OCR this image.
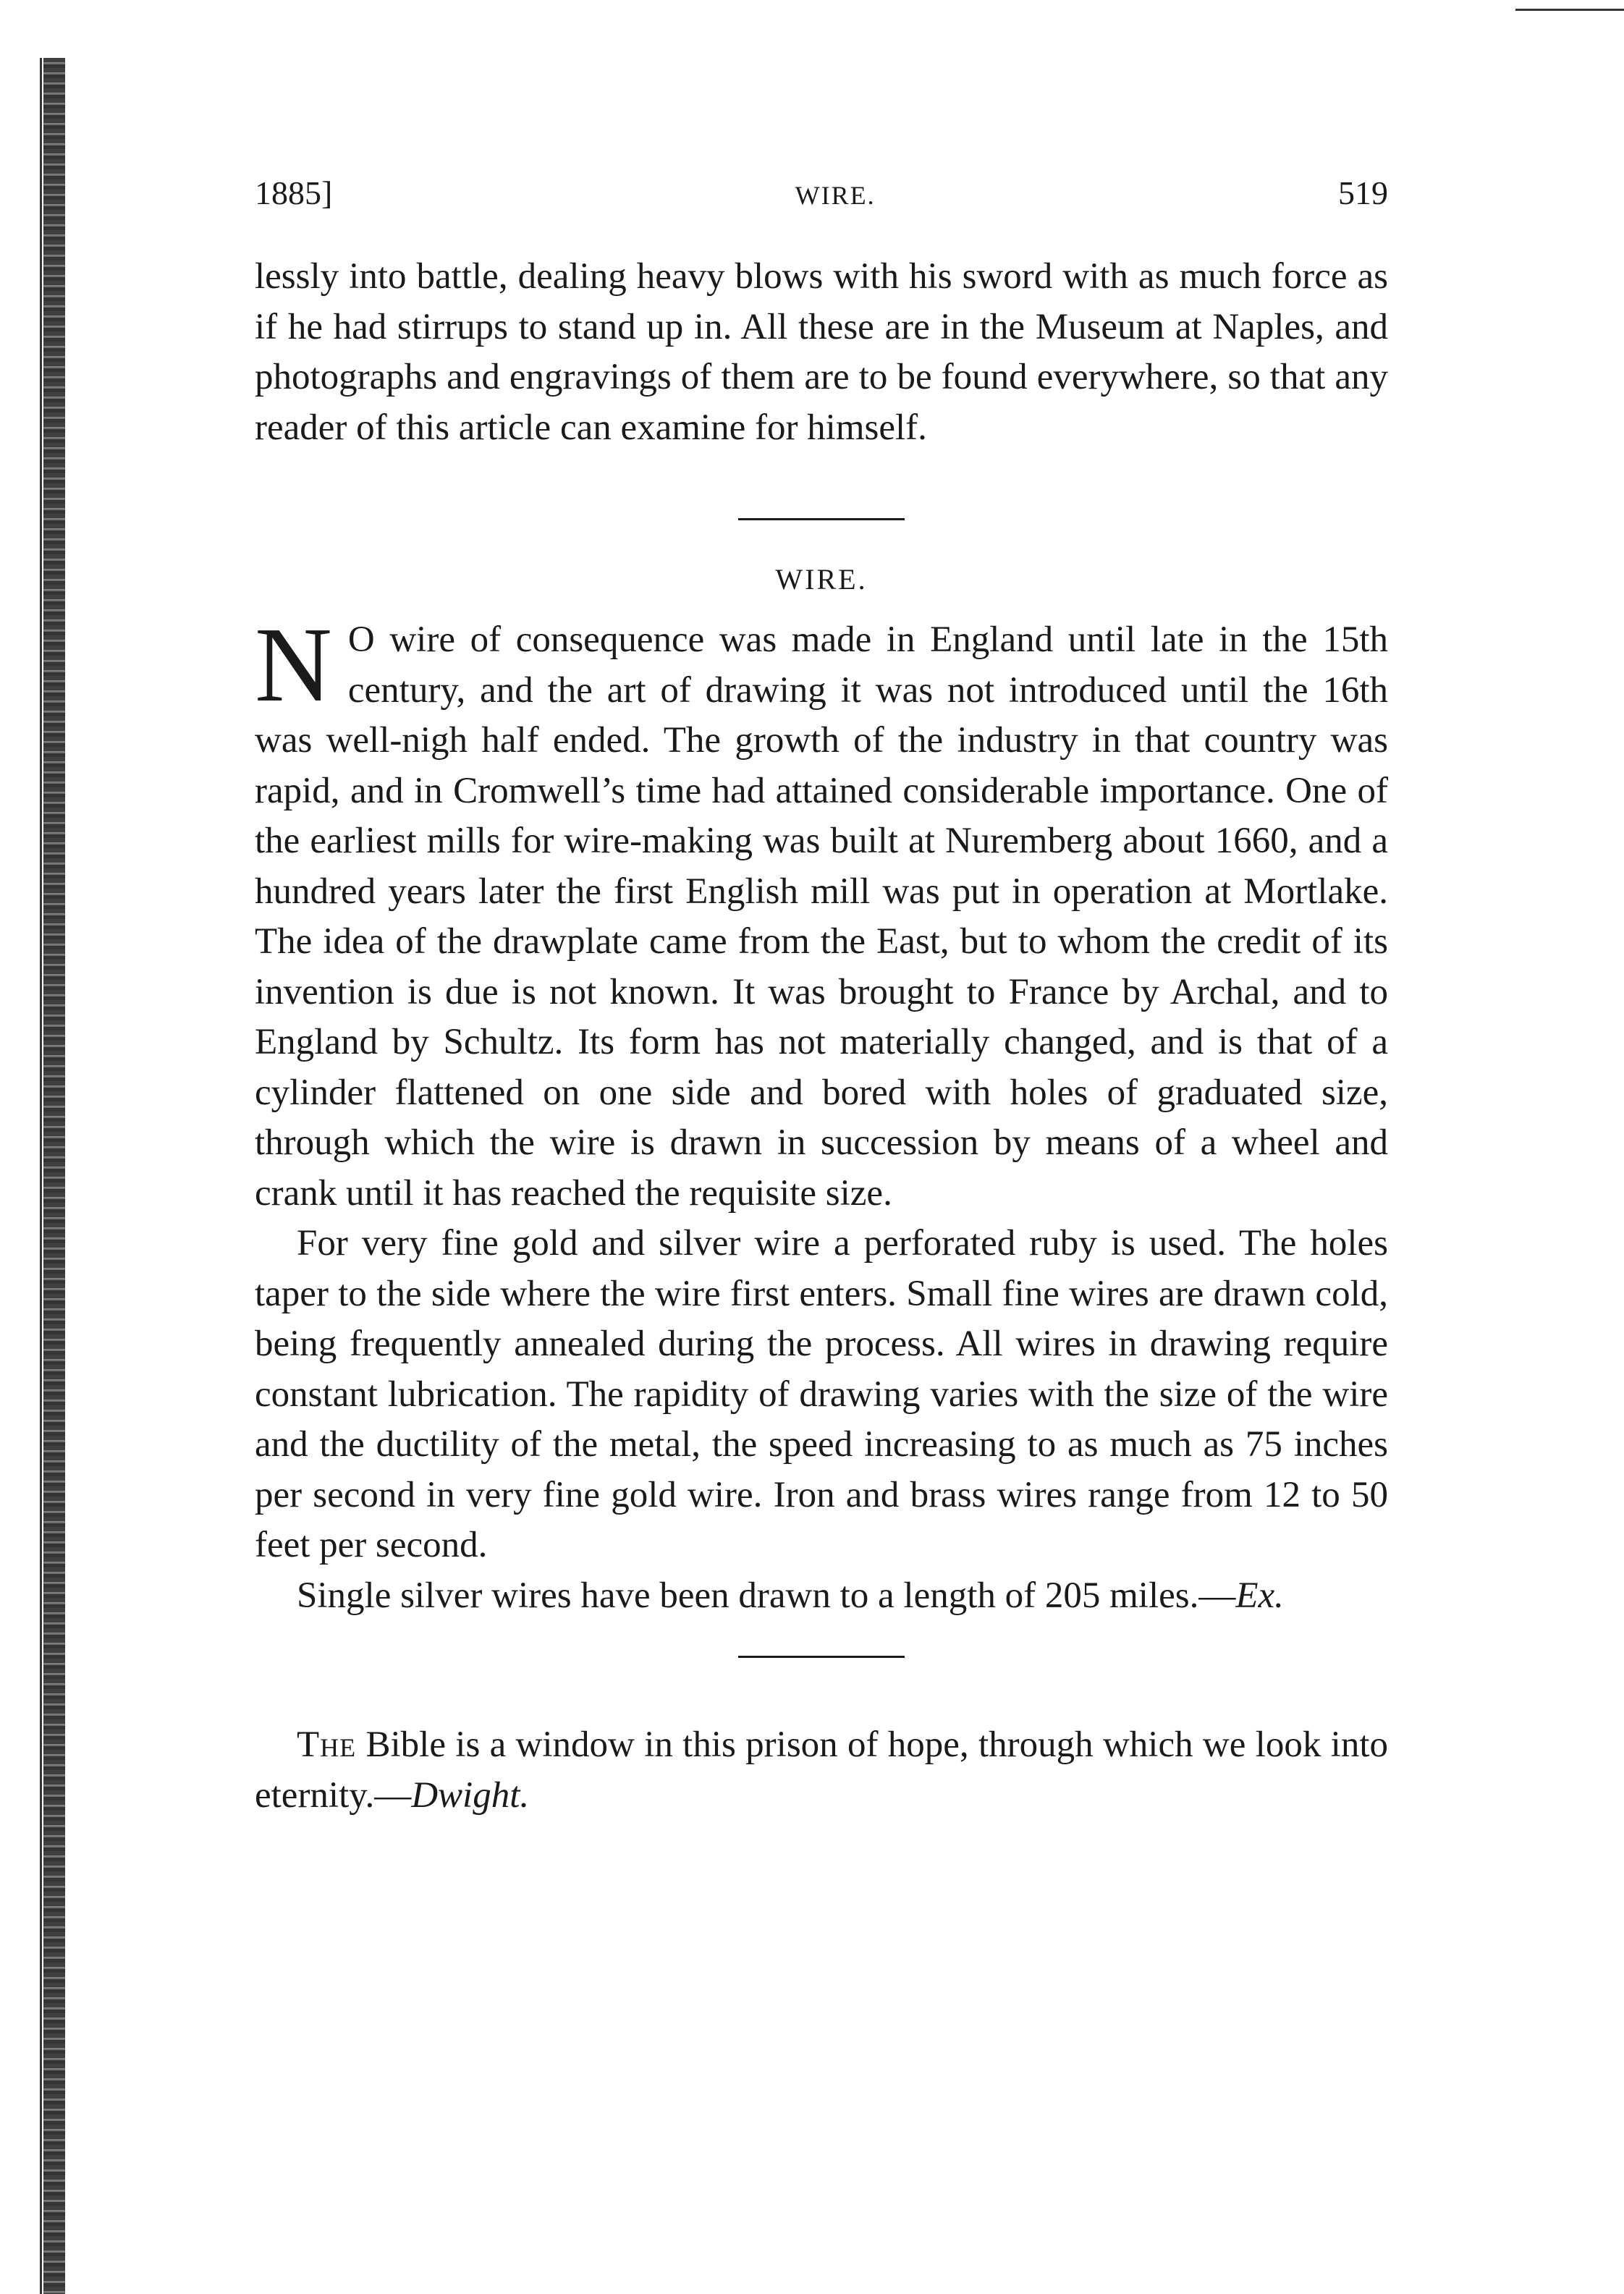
1885]	WIRE.	519

lessly into battle, dealing heavy blows with his sword with as much force as if he had stirrups to stand up in. All these are in the Museum at Naples, and photographs and engravings of them are to be found everywhere, so that any reader of this article can examine for himself.

WIRE.

N O wire of consequence was made in England until late in the 15th century, and the art of drawing it was not introduced until the 16th was well-nigh half ended. The growth of the industry in that country was rapid, and in Cromwell’s time had attained considerable importance. One of the earliest mills for wire-making was built at Nuremberg about 1660, and a hundred years later the first English mill was put in operation at Mortlake. The idea of the drawplate came from the East, but to whom the credit of its invention is due is not known. It was brought to France by Archal, and to England by Schultz. Its form has not materially changed, and is that of a cylinder flattened on one side and bored with holes of graduated size, through which the wire is drawn in succession by means of a wheel and crank until it has reached the requisite size.

For very fine gold and silver wire a perforated ruby is used. The holes taper to the side where the wire first enters. Small fine wires are drawn cold, being frequently annealed during the process. All wires in drawing require constant lubrication. The rapidity of drawing varies with the size of the wire and the ductility of the metal, the speed increasing to as much as 75 inches per second in very fine gold wire. Iron and brass wires range from 12 to 50 feet per second.

Single silver wires have been drawn to a length of 205 miles.—Ex.

The Bible is a window in this prison of hope, through which we look into eternity.—Dwight.
